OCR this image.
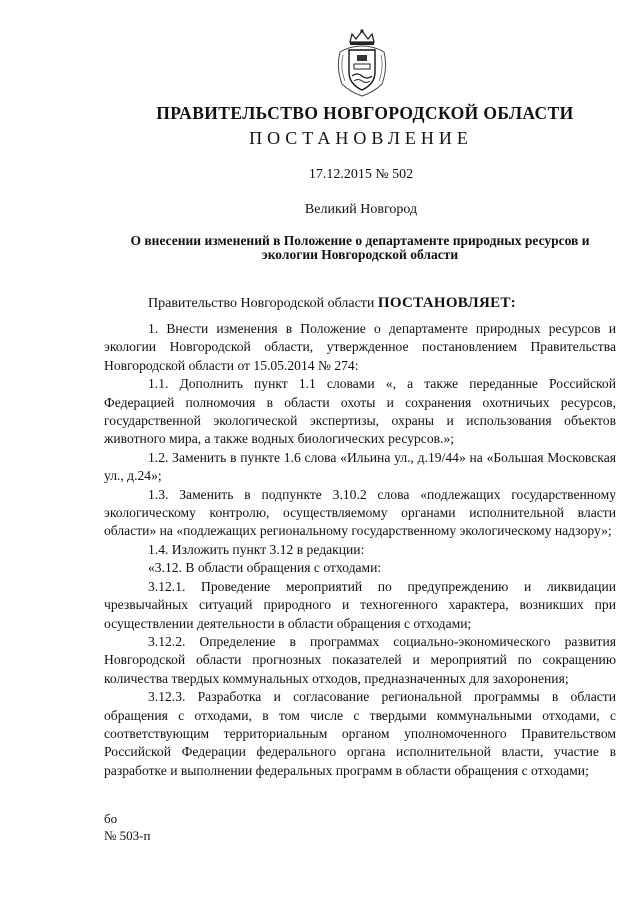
ПРАВИТЕЛЬСТВО НОВГОРОДСКОЙ ОБЛАСТИ
ПОСТАНОВЛЕНИЕ
17.12.2015 № 502
Великий Новгород
О внесении изменений в Положение о департаменте природных ресурсов и экологии Новгородской области
Правительство Новгородской области ПОСТАНОВЛЯЕТ:

1. Внести изменения в Положение о департаменте природных ресурсов и экологии Новгородской области, утвержденное постановлением Правительства Новгородской области от 15.05.2014 № 274:

1.1. Дополнить пункт 1.1 словами «, а также переданные Российской Федерацией полномочия в области охоты и сохранения охотничьих ресурсов, государственной экологической экспертизы, охраны и использования объектов животного мира, а также водных биологических ресурсов.»;

1.2. Заменить в пункте 1.6 слова «Ильина ул., д.19/44» на «Большая Московская ул., д.24»;

1.3. Заменить в подпункте 3.10.2 слова «подлежащих государственному экологическому контролю, осуществляемому органами исполнительной власти области» на «подлежащих региональному государственному экологическому надзору»;

1.4. Изложить пункт 3.12 в редакции:

«3.12. В области обращения с отходами:

3.12.1. Проведение мероприятий по предупреждению и ликвидации чрезвычайных ситуаций природного и техногенного характера, возникших при осуществлении деятельности в области обращения с отходами;

3.12.2. Определение в программах социально-экономического развития Новгородской области прогнозных показателей и мероприятий по сокращению количества твердых коммунальных отходов, предназначенных для захоронения;

3.12.3. Разработка и согласование региональной программы в области обращения с отходами, в том числе с твердыми коммунальными отходами, с соответствующим территориальным органом уполномоченного Правительством Российской Федерации федерального органа исполнительной власти, участие в разработке и выполнении федеральных программ в области обращения с отходами;

бо
№ 503-п
